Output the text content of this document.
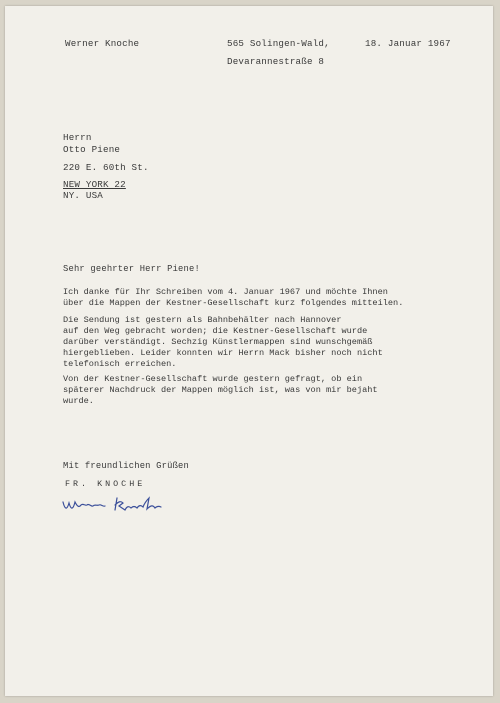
Werner Knoche	565 Solingen-Wald,	18. Januar 1967
Devarannestraße 8
Herrn
Otto Piene
220 E. 60th St.
NEW YORK 22
NY. USA
Sehr geehrter Herr Piene!
Ich danke für Ihr Schreiben vom 4. Januar 1967 und möchte Ihnen
über die Mappen der Kestner-Gesellschaft kurz folgendes mitteilen.
Die Sendung ist gestern als Bahnbehälter nach Hannover
auf den Weg gebracht worden; die Kestner-Gesellschaft wurde
darüber verständigt. Sechzig Künstlermappen sind wunschgemäß
hiergeblieben. Leider konnten wir Herrn Mack bisher noch nicht
telefonisch erreichen.
Von der Kestner-Gesellschaft wurde gestern gefragt, ob ein
späterer Nachdruck der Mappen möglich ist, was von mir bejaht
wurde.
Mit freundlichen Grüßen
FR. KNOCHE
